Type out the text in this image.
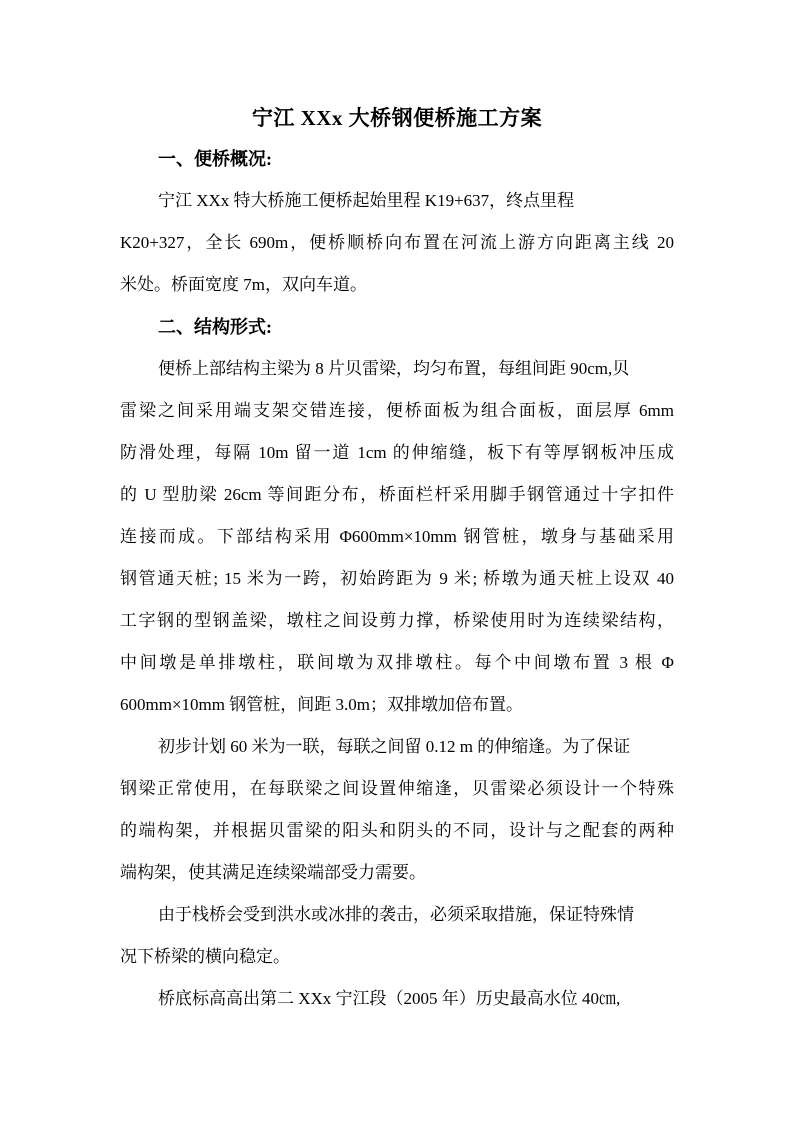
宁江 XXx 大桥钢便桥施工方案
一、便桥概况:
宁江 XXx 特大桥施工便桥起始里程 K19+637，终点里程
K20+327，全长 690m，便桥顺桥向布置在河流上游方向距离主线 20
米处。桥面宽度 7m，双向车道。
二、结构形式:
便桥上部结构主梁为 8 片贝雷梁，均匀布置，每组间距 90cm,贝
雷梁之间采用端支架交错连接，便桥面板为组合面板，面层厚 6mm
防滑处理，每隔 10m 留一道 1cm 的伸缩缝，板下有等厚钢板冲压成
的 U 型肋梁 26cm 等间距分布，桥面栏杆采用脚手钢管通过十字扣件
连接而成。下部结构采用 Φ600mm×10mm 钢管桩，墩身与基础采用
钢管通天桩; 15 米为一跨，初始跨距为 9 米; 桥墩为通天桩上设双 40
工字钢的型钢盖梁，墩柱之间设剪力撑，桥梁使用时为连续梁结构，
中间墩是单排墩柱，联间墩为双排墩柱。每个中间墩布置 3 根 Φ
600mm×10mm 钢管桩，间距 3.0m；双排墩加倍布置。
初步计划 60 米为一联，每联之间留 0.12 m 的伸缩逢。为了保证
钢梁正常使用，在每联梁之间设置伸缩逢，贝雷梁必须设计一个特殊
的端构架，并根据贝雷梁的阳头和阴头的不同，设计与之配套的两种
端构架，使其满足连续梁端部受力需要。
由于栈桥会受到洪水或冰排的袭击，必须采取措施，保证特殊情
况下桥梁的横向稳定。
桥底标高高出第二 XXx 宁江段（2005 年）历史最高水位 40㎝,
